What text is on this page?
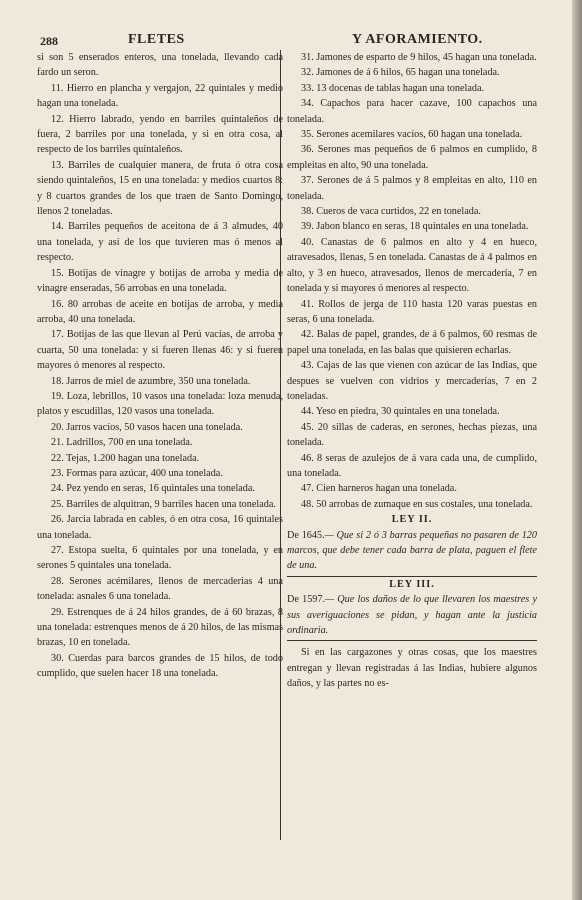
288	FLETES	Y AFORAMIENTO.

si son 5 enserados enteros, una tonelada, llevando cada fardo un seron.

11. Hierro en plancha y vergajon, 22 quintales y medio hagan una tonelada.

12. Hierro labrado, yendo en barriles quintaleños de fuera, 2 barriles por una tonelada, y si en otra cosa, al respecto de los barriles quintaleños.

13. Barriles de cualquier manera, de fruta ó otra cosa siendo quintaleños, 15 en una tonelada: y medios cuartos 8: y 8 cuartos grandes de los que traen de Santo Domingo, llenos 2 toneladas.

14. Barriles pequeños de aceitona de á 3 almudes, 40 una tonelada, y así de los que tuvieren mas ó menos al respecto.

15. Botijas de vinagre y botijas de arroba y media de vinagre enseradas, 56 arrobas en una tonelada.

16. 80 arrobas de aceite en botijas de arroba, y media arroba, 40 una tonelada.

17. Botijas de las que llevan al Perú vacías, de arroba y cuarta, 50 una tonelada: y si fueren llenas 46: y si fueren mayores ó menores al respecto.

18. Jarros de miel de azumbre, 350 una tonelada.

19. Loza, lebrillos, 10 vasos una tonelada: loza menuda, platos y escudillas, 120 vasos una tonelada.

20. Jarros vacíos, 50 vasos hacen una tonelada.

21. Ladrillos, 700 en una tonelada.

22. Tejas, 1.200 hagan una tonelada.

23. Formas para azúcar, 400 una tonelada.

24. Pez yendo en seras, 16 quintales una tonelada.

25. Barriles de alquitran, 9 barriles hacen una tonelada.

26. Jarcia labrada en cables, ó en otra cosa, 16 quintales una tonelada.

27. Estopa suelta, 6 quintales por una tonelada, y en serones 5 quintales una tonelada.

28. Serones acémilares, llenos de mercaderías 4 una tonelada: asnales 6 una tonelada.

29. Estrenques de á 24 hilos grandes, de á 60 brazas, 8 una tonelada: estrenques menos de á 20 hilos, de las mismas brazas, 10 en tonelada.

30. Cuerdas para barcos grandes de 15 hilos, de todo cumplido, que suelen hacer 18 una tonelada.

31. Jamones de esparto de 9 hilos, 45 hagan una tonelada.

32. Jamones de á 6 hilos, 65 hagan una tonelada.

33. 13 docenas de tablas hagan una tonelada.

34. Capachos para hacer cazave, 100 capachos una tonelada.

35. Serones acemilares vacíos, 60 hagan una tonelada.

36. Serones mas pequeños de 6 palmos en cumplido, 8 empleitas en alto, 90 una tonelada.

37. Serones de á 5 palmos y 8 empleitas en alto, 110 en tonelada.

38. Cueros de vaca curtidos, 22 en tonelada.

39. Jabon blanco en seras, 18 quintales en una tonelada.

40. Canastas de 6 palmos en alto y 4 en hueco, atravesados, llenas, 5 en tonelada. Canastas de á 4 palmos en alto, y 3 en hueco, atravesados, llenos de mercadería, 7 en tonelada y si mayores ó menores al respecto.

41. Rollos de jerga de 110 hasta 120 varas puestas en seras, 6 una tonelada.

42. Balas de papel, grandes, de á 6 palmos, 60 resmas de papel una tonelada, en las balas que quisieren echarlas.

43. Cajas de las que vienen con azúcar de las Indias, que despues se vuelven con vidrios y mercaderías, 7 en 2 toneladas.

44. Yeso en piedra, 30 quintales en una tonelada.

45. 20 sillas de caderas, en serones, hechas piezas, una tonelada.

46. 8 seras de azulejos de á vara cada una, de cumplido, una tonelada.

47. Cien harneros hagan una tonelada.

48. 50 arrobas de zumaque en sus costales, una tonelada.

LEY II.

De 1645.— Que si 2 ó 3 barras pequeñas no pasaren de 120 marcos, que debe tener cada barra de plata, paguen el flete de una.

LEY III.

De 1597.— Que los daños de lo que llevaren los maestres y sus averiguaciones se pidan, y hagan ante la justicia ordinaria.

Si en las cargazones y otras cosas, que los maestres entregan y llevan registradas á las Indias, hubiere algunos daños, y las partes no es-
